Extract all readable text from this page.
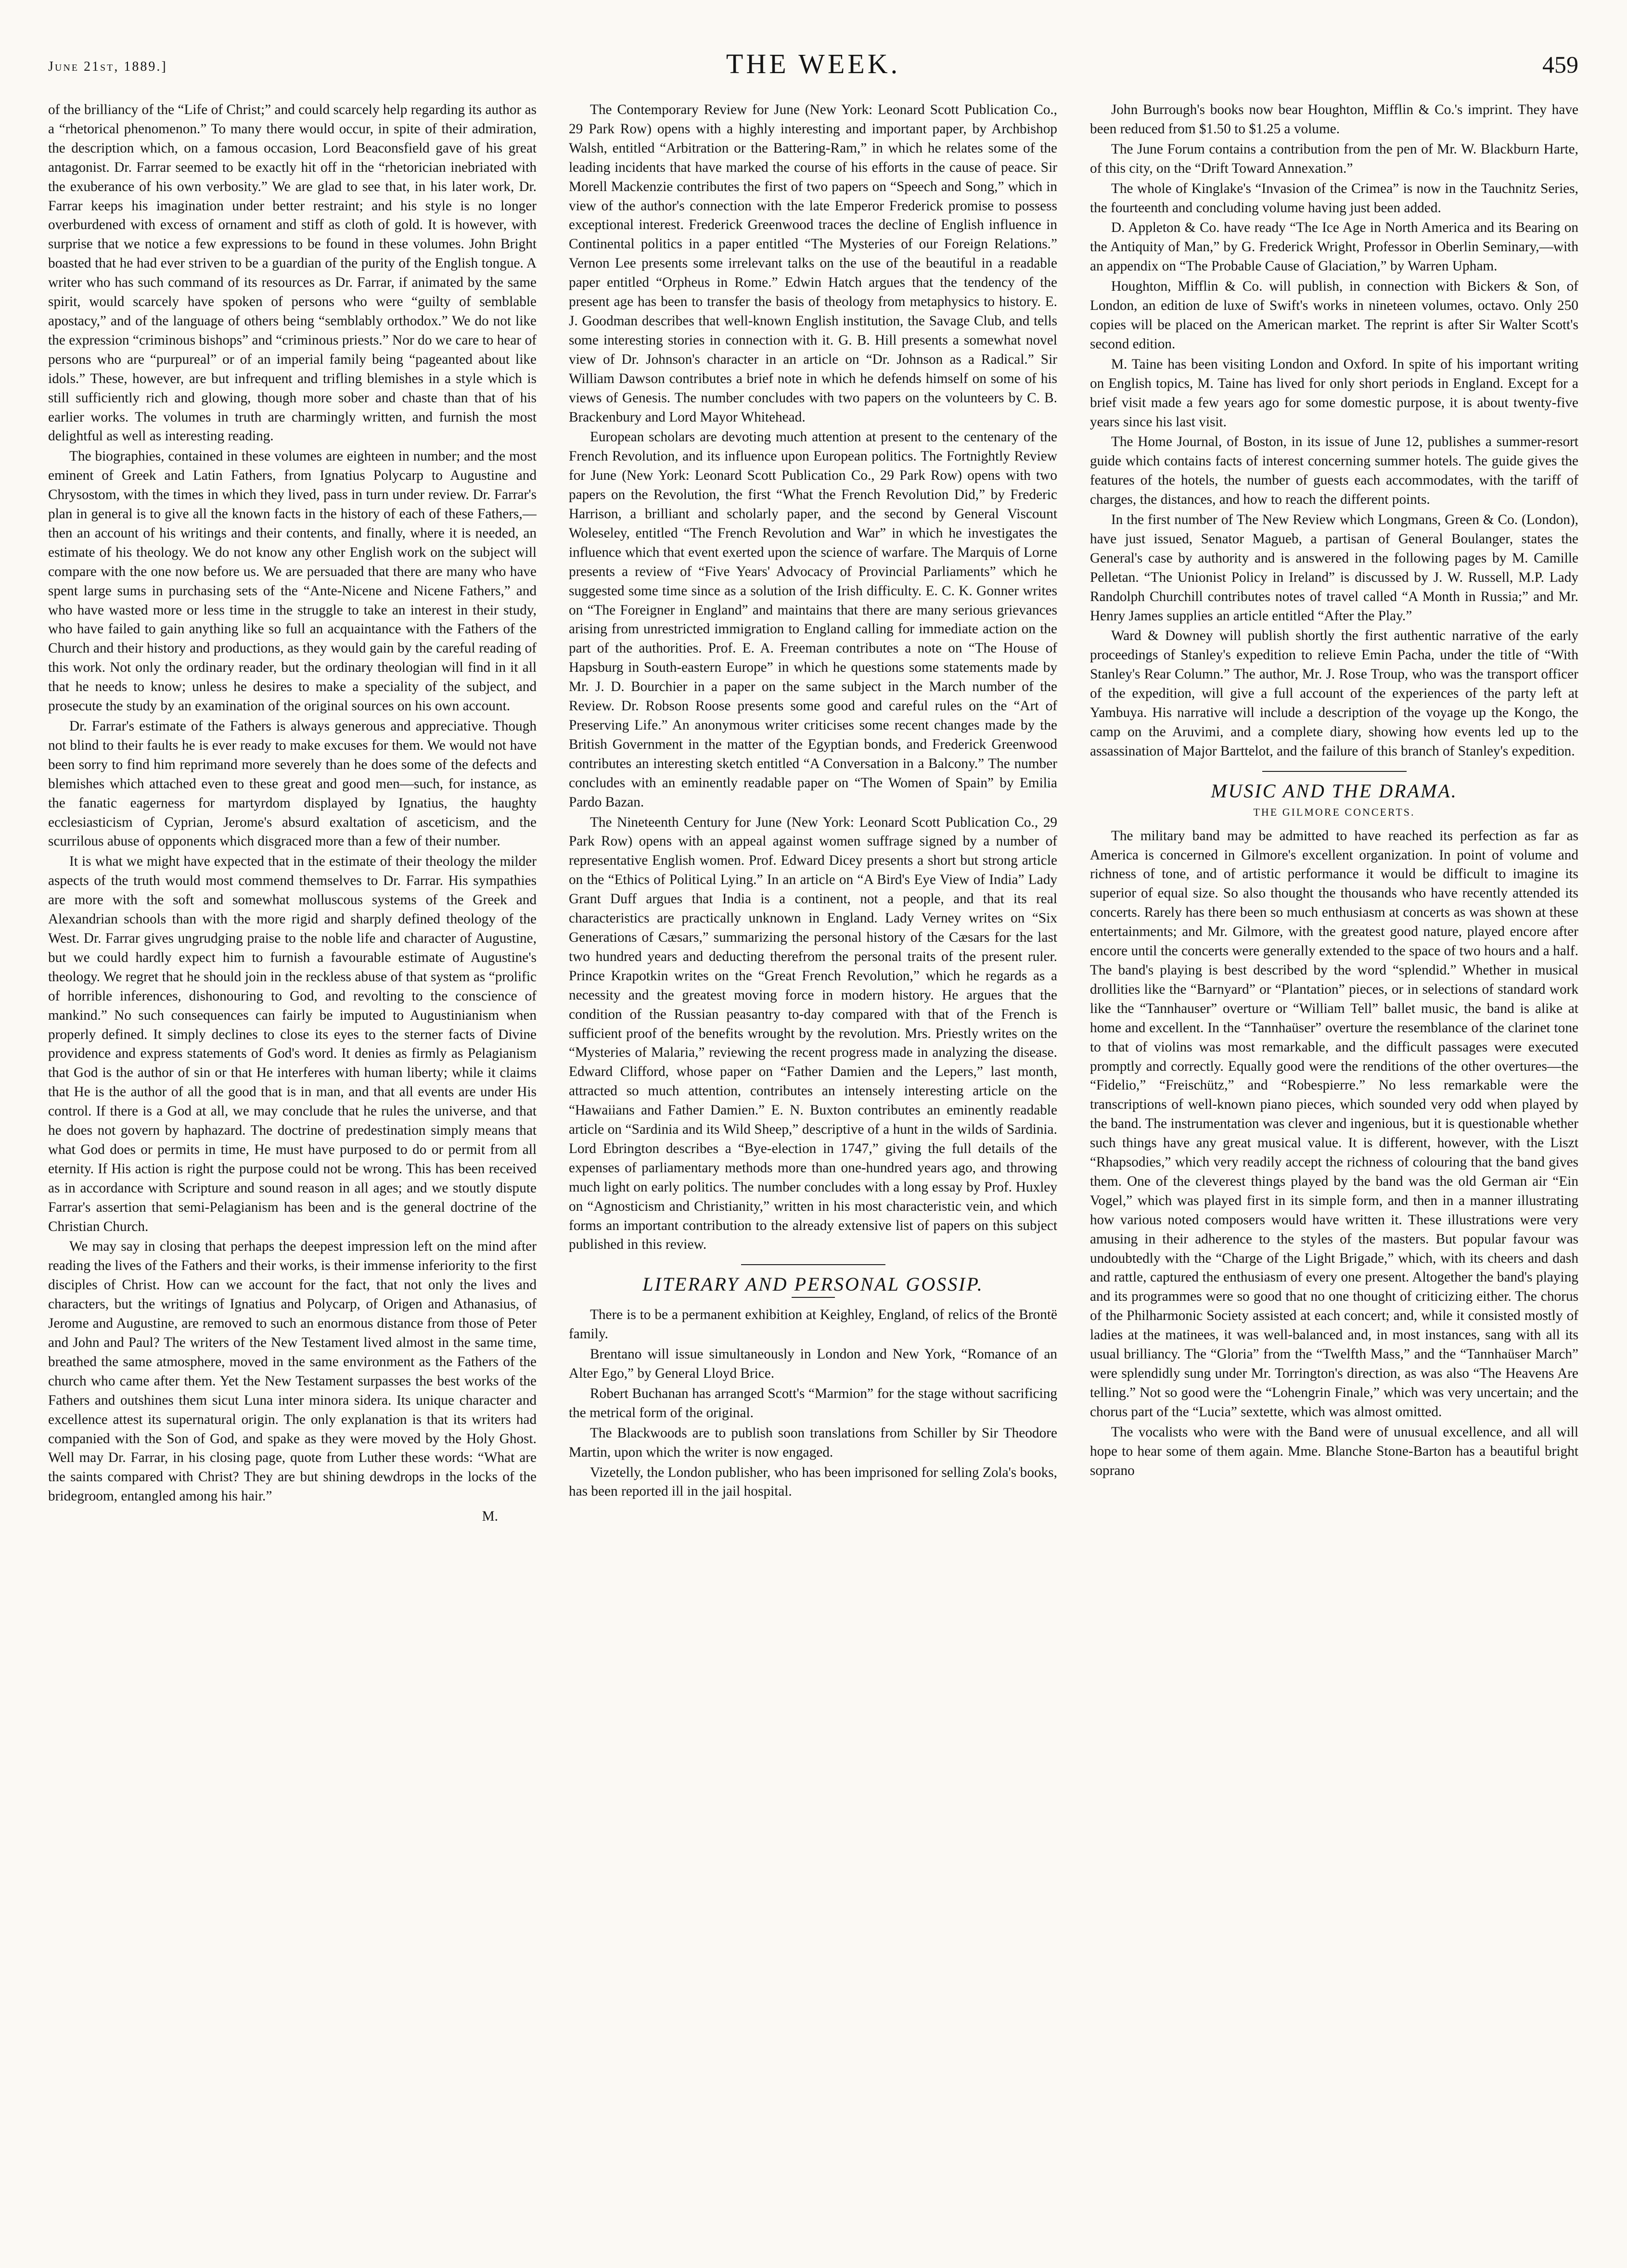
June 21st, 1889.]	THE WEEK.	459

of the brilliancy of the “Life of Christ;” and could scarcely help regarding its author as a “rhetorical phenomenon.” To many there would occur, in spite of their admiration, the description which, on a famous occasion, Lord Beaconsfield gave of his great antagonist. Dr. Farrar seemed to be exactly hit off in the “rhetorician inebriated with the exuberance of his own verbosity.” We are glad to see that, in his later work, Dr. Farrar keeps his imagination under better restraint; and his style is no longer overburdened with excess of ornament and stiff as cloth of gold. It is however, with surprise that we notice a few expressions to be found in these volumes. John Bright boasted that he had ever striven to be a guardian of the purity of the English tongue. A writer who has such command of its resources as Dr. Farrar, if animated by the same spirit, would scarcely have spoken of persons who were “guilty of semblable apostacy,” and of the language of others being “semblably orthodox.” We do not like the expression “criminous bishops” and “criminous priests.” Nor do we care to hear of persons who are “purpureal” or of an imperial family being “pageanted about like idols.” These, however, are but infrequent and trifling blemishes in a style which is still sufficiently rich and glowing, though more sober and chaste than that of his earlier works. The volumes in truth are charmingly written, and furnish the most delightful as well as interesting reading.

The biographies, contained in these volumes are eighteen in number; and the most eminent of Greek and Latin Fathers, from Ignatius Polycarp to Augustine and Chrysostom, with the times in which they lived, pass in turn under review. Dr. Farrar's plan in general is to give all the known facts in the history of each of these Fathers,—then an account of his writings and their contents, and finally, where it is needed, an estimate of his theology. We do not know any other English work on the subject will compare with the one now before us. We are persuaded that there are many who have spent large sums in purchasing sets of the “Ante-Nicene and Nicene Fathers,” and who have wasted more or less time in the struggle to take an interest in their study, who have failed to gain anything like so full an acquaintance with the Fathers of the Church and their history and productions, as they would gain by the careful reading of this work. Not only the ordinary reader, but the ordinary theologian will find in it all that he needs to know; unless he desires to make a speciality of the subject, and prosecute the study by an examination of the original sources on his own account.

Dr. Farrar's estimate of the Fathers is always generous and appreciative. Though not blind to their faults he is ever ready to make excuses for them. We would not have been sorry to find him reprimand more severely than he does some of the defects and blemishes which attached even to these great and good men—such, for instance, as the fanatic eagerness for martyrdom displayed by Ignatius, the haughty ecclesiasticism of Cyprian, Jerome's absurd exaltation of asceticism, and the scurrilous abuse of opponents which disgraced more than a few of their number.

It is what we might have expected that in the estimate of their theology the milder aspects of the truth would most commend themselves to Dr. Farrar. His sympathies are more with the soft and somewhat molluscous systems of the Greek and Alexandrian schools than with the more rigid and sharply defined theology of the West. Dr. Farrar gives ungrudging praise to the noble life and character of Augustine, but we could hardly expect him to furnish a favourable estimate of Augustine's theology. We regret that he should join in the reckless abuse of that system as “prolific of horrible inferences, dishonouring to God, and revolting to the conscience of mankind.” No such consequences can fairly be imputed to Augustinianism when properly defined. It simply declines to close its eyes to the sterner facts of Divine providence and express statements of God's word. It denies as firmly as Pelagianism that God is the author of sin or that He interferes with human liberty; while it claims that He is the author of all the good that is in man, and that all events are under His control. If there is a God at all, we may conclude that he rules the universe, and that he does not govern by haphazard. The doctrine of predestination simply means that what God does or permits in time, He must have purposed to do or permit from all eternity. If His action is right the purpose could not be wrong. This has been received as in accordance with Scripture and sound reason in all ages; and we stoutly dispute Farrar's assertion that semi-Pelagianism has been and is the general doctrine of the Christian Church.

We may say in closing that perhaps the deepest impression left on the mind after reading the lives of the Fathers and their works, is their immense inferiority to the first disciples of Christ. How can we account for the fact, that not only the lives and characters, but the writings of Ignatius and Polycarp, of Origen and Athanasius, of Jerome and Augustine, are removed to such an enormous distance from those of Peter and John and Paul? The writers of the New Testament lived almost in the same time, breathed the same atmosphere, moved in the same environment as the Fathers of the church who came after them. Yet the New Testament surpasses the best works of the Fathers and outshines them sicut Luna inter minora sidera. Its unique character and excellence attest its supernatural origin. The only explanation is that its writers had companied with the Son of God, and spake as they were moved by the Holy Ghost. Well may Dr. Farrar, in his closing page, quote from Luther these words: “What are the saints compared with Christ? They are but shining dewdrops in the locks of the bridegroom, entangled among his hair.”

M.

The Contemporary Review for June (New York: Leonard Scott Publication Co., 29 Park Row) opens with a highly interesting and important paper, by Archbishop Walsh, entitled “Arbitration or the Battering-Ram,” in which he relates some of the leading incidents that have marked the course of his efforts in the cause of peace. Sir Morell Mackenzie contributes the first of two papers on “Speech and Song,” which in view of the author's connection with the late Emperor Frederick promise to possess exceptional interest. Frederick Greenwood traces the decline of English influence in Continental politics in a paper entitled “The Mysteries of our Foreign Relations.” Vernon Lee presents some irrelevant talks on the use of the beautiful in a readable paper entitled “Orpheus in Rome.” Edwin Hatch argues that the tendency of the present age has been to transfer the basis of theology from metaphysics to history. E. J. Goodman describes that well-known English institution, the Savage Club, and tells some interesting stories in connection with it. G. B. Hill presents a somewhat novel view of Dr. Johnson's character in an article on “Dr. Johnson as a Radical.” Sir William Dawson contributes a brief note in which he defends himself on some of his views of Genesis. The number concludes with two papers on the volunteers by C. B. Brackenbury and Lord Mayor Whitehead.

European scholars are devoting much attention at present to the centenary of the French Revolution, and its influence upon European politics. The Fortnightly Review for June (New York: Leonard Scott Publication Co., 29 Park Row) opens with two papers on the Revolution, the first “What the French Revolution Did,” by Frederic Harrison, a brilliant and scholarly paper, and the second by General Viscount Woleseley, entitled “The French Revolution and War” in which he investigates the influence which that event exerted upon the science of warfare. The Marquis of Lorne presents a review of “Five Years' Advocacy of Provincial Parliaments” which he suggested some time since as a solution of the Irish difficulty. E. C. K. Gonner writes on “The Foreigner in England” and maintains that there are many serious grievances arising from unrestricted immigration to England calling for immediate action on the part of the authorities. Prof. E. A. Freeman contributes a note on “The House of Hapsburg in South-eastern Europe” in which he questions some statements made by Mr. J. D. Bourchier in a paper on the same subject in the March number of the Review. Dr. Robson Roose presents some good and careful rules on the “Art of Preserving Life.” An anonymous writer criticises some recent changes made by the British Government in the matter of the Egyptian bonds, and Frederick Greenwood contributes an interesting sketch entitled “A Conversation in a Balcony.” The number concludes with an eminently readable paper on “The Women of Spain” by Emilia Pardo Bazan.

The Nineteenth Century for June (New York: Leonard Scott Publication Co., 29 Park Row) opens with an appeal against women suffrage signed by a number of representative English women. Prof. Edward Dicey presents a short but strong article on the “Ethics of Political Lying.” In an article on “A Bird's Eye View of India” Lady Grant Duff argues that India is a continent, not a people, and that its real characteristics are practically unknown in England. Lady Verney writes on “Six Generations of Cæsars,” summarizing the personal history of the Cæsars for the last two hundred years and deducting therefrom the personal traits of the present ruler. Prince Krapotkin writes on the “Great French Revolution,” which he regards as a necessity and the greatest moving force in modern history. He argues that the condition of the Russian peasantry to-day compared with that of the French is sufficient proof of the benefits wrought by the revolution. Mrs. Priestly writes on the “Mysteries of Malaria,” reviewing the recent progress made in analyzing the disease. Edward Clifford, whose paper on “Father Damien and the Lepers,” last month, attracted so much attention, contributes an intensely interesting article on the “Hawaiians and Father Damien.” E. N. Buxton contributes an eminently readable article on “Sardinia and its Wild Sheep,” descriptive of a hunt in the wilds of Sardinia. Lord Ebrington describes a “Bye-election in 1747,” giving the full details of the expenses of parliamentary methods more than one-hundred years ago, and throwing much light on early politics. The number concludes with a long essay by Prof. Huxley on “Agnosticism and Christianity,” written in his most characteristic vein, and which forms an important contribution to the already extensive list of papers on this subject published in this review.

LITERARY AND PERSONAL GOSSIP.

There is to be a permanent exhibition at Keighley, England, of relics of the Brontë family.

Brentano will issue simultaneously in London and New York, “Romance of an Alter Ego,” by General Lloyd Brice.

Robert Buchanan has arranged Scott's “Marmion” for the stage without sacrificing the metrical form of the original.

The Blackwoods are to publish soon translations from Schiller by Sir Theodore Martin, upon which the writer is now engaged.

Vizetelly, the London publisher, who has been imprisoned for selling Zola's books, has been reported ill in the jail hospital.

John Burrough's books now bear Houghton, Mifflin & Co.'s imprint. They have been reduced from $1.50 to $1.25 a volume.

The June Forum contains a contribution from the pen of Mr. W. Blackburn Harte, of this city, on the “Drift Toward Annexation.”

The whole of Kinglake's “Invasion of the Crimea” is now in the Tauchnitz Series, the fourteenth and concluding volume having just been added.

D. Appleton & Co. have ready “The Ice Age in North America and its Bearing on the Antiquity of Man,” by G. Frederick Wright, Professor in Oberlin Seminary,—with an appendix on “The Probable Cause of Glaciation,” by Warren Upham.

Houghton, Mifflin & Co. will publish, in connection with Bickers & Son, of London, an edition de luxe of Swift's works in nineteen volumes, octavo. Only 250 copies will be placed on the American market. The reprint is after Sir Walter Scott's second edition.

M. Taine has been visiting London and Oxford. In spite of his important writing on English topics, M. Taine has lived for only short periods in England. Except for a brief visit made a few years ago for some domestic purpose, it is about twenty-five years since his last visit.

The Home Journal, of Boston, in its issue of June 12, publishes a summer-resort guide which contains facts of interest concerning summer hotels. The guide gives the features of the hotels, the number of guests each accommodates, with the tariff of charges, the distances, and how to reach the different points.

In the first number of The New Review which Longmans, Green & Co. (London), have just issued, Senator Magueb, a partisan of General Boulanger, states the General's case by authority and is answered in the following pages by M. Camille Pelletan. “The Unionist Policy in Ireland” is discussed by J. W. Russell, M.P. Lady Randolph Churchill contributes notes of travel called “A Month in Russia;” and Mr. Henry James supplies an article entitled “After the Play.”

Ward & Downey will publish shortly the first authentic narrative of the early proceedings of Stanley's expedition to relieve Emin Pacha, under the title of “With Stanley's Rear Column.” The author, Mr. J. Rose Troup, who was the transport officer of the expedition, will give a full account of the experiences of the party left at Yambuya. His narrative will include a description of the voyage up the Kongo, the camp on the Aruvimi, and a complete diary, showing how events led up to the assassination of Major Barttelot, and the failure of this branch of Stanley's expedition.

MUSIC AND THE DRAMA.
THE GILMORE CONCERTS.

The military band may be admitted to have reached its perfection as far as America is concerned in Gilmore's excellent organization. In point of volume and richness of tone, and of artistic performance it would be difficult to imagine its superior of equal size. So also thought the thousands who have recently attended its concerts. Rarely has there been so much enthusiasm at concerts as was shown at these entertainments; and Mr. Gilmore, with the greatest good nature, played encore after encore until the concerts were generally extended to the space of two hours and a half. The band's playing is best described by the word “splendid.” Whether in musical drollities like the “Barnyard” or “Plantation” pieces, or in selections of standard work like the “Tannhauser” overture or “William Tell” ballet music, the band is alike at home and excellent. In the “Tannhaüser” overture the resemblance of the clarinet tone to that of violins was most remarkable, and the difficult passages were executed promptly and correctly. Equally good were the renditions of the other overtures—the “Fidelio,” “Freischütz,” and “Robespierre.” No less remarkable were the transcriptions of well-known piano pieces, which sounded very odd when played by the band. The instrumentation was clever and ingenious, but it is questionable whether such things have any great musical value. It is different, however, with the Liszt “Rhapsodies,” which very readily accept the richness of colouring that the band gives them. One of the cleverest things played by the band was the old German air “Ein Vogel,” which was played first in its simple form, and then in a manner illustrating how various noted composers would have written it. These illustrations were very amusing in their adherence to the styles of the masters. But popular favour was undoubtedly with the “Charge of the Light Brigade,” which, with its cheers and dash and rattle, captured the enthusiasm of every one present. Altogether the band's playing and its programmes were so good that no one thought of criticizing either. The chorus of the Philharmonic Society assisted at each concert; and, while it consisted mostly of ladies at the matinees, it was well-balanced and, in most instances, sang with all its usual brilliancy. The “Gloria” from the “Twelfth Mass,” and the “Tannhaüser March” were splendidly sung under Mr. Torrington's direction, as was also “The Heavens Are telling.” Not so good were the “Lohengrin Finale,” which was very uncertain; and the chorus part of the “Lucia” sextette, which was almost omitted.

The vocalists who were with the Band were of unusual excellence, and all will hope to hear some of them again. Mme. Blanche Stone-Barton has a beautiful bright soprano
